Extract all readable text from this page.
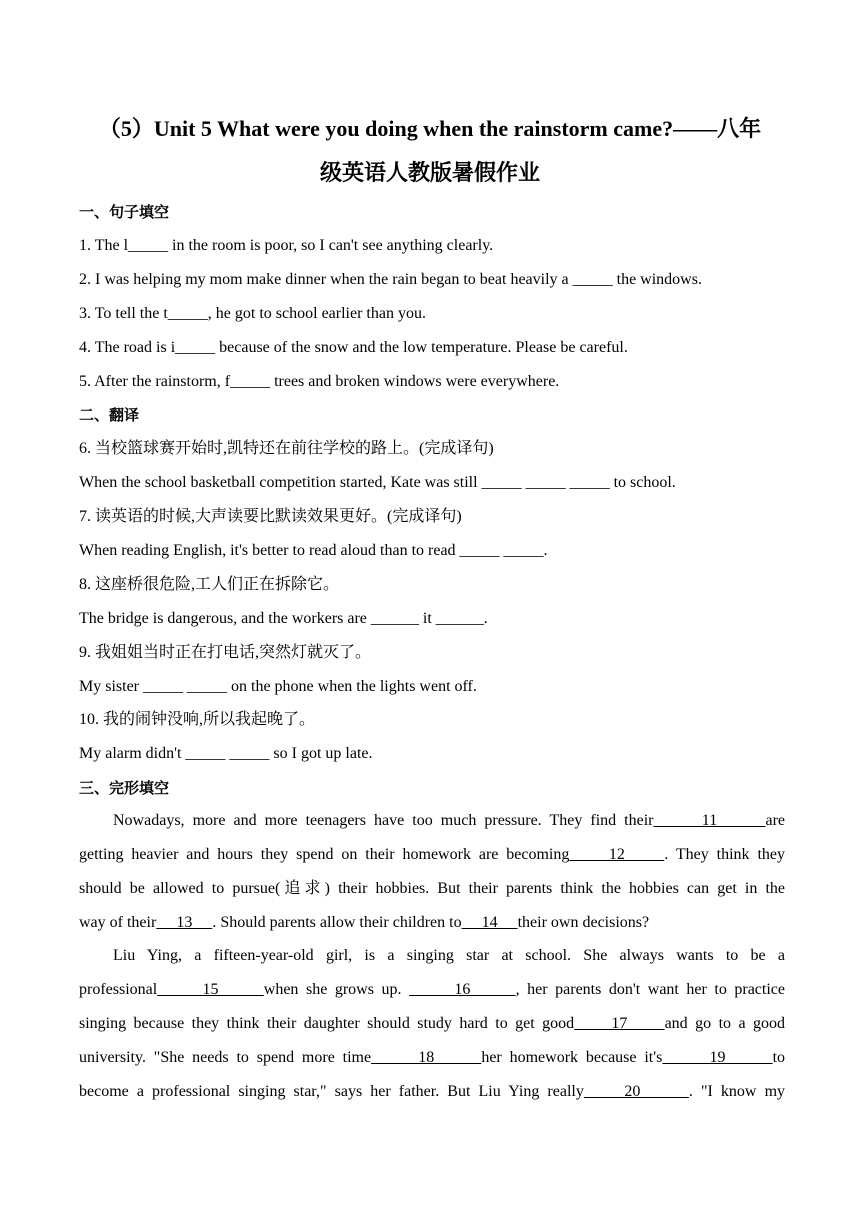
（5）Unit 5 What were you doing when the rainstorm came?——八年
级英语人教版暑假作业
一、句子填空
1. The l_____ in the room is poor, so I can't see anything clearly.
2. I was helping my mom make dinner when the rain began to beat heavily a _____ the windows.
3. To tell the t_____, he got to school earlier than you.
4. The road is i_____ because of the snow and the low temperature. Please be careful.
5. After the rainstorm, f_____ trees and broken windows were everywhere.
二、翻译
6. 当校篮球赛开始时,凯特还在前往学校的路上。(完成译句)
When the school basketball competition started, Kate was still _____ _____ _____ to school.
7. 读英语的时候,大声读要比默读效果更好。(完成译句)
When reading English, it's better to read aloud than to read _____ _____.
8. 这座桥很危险,工人们正在拆除它。
The bridge is dangerous, and the workers are ______ it ______.
9. 我姐姐当时正在打电话,突然灯就灭了。
My sister _____ _____ on the phone when the lights went off.
10. 我的闹钟没响,所以我起晚了。
My alarm didn't _____ _____ so I got up late.
三、完形填空
Nowadays, more and more teenagers have too much pressure. They find their      11      are
getting heavier and hours they spend on their homework are becoming     12     . They think they
should be allowed to pursue(追求) their hobbies. But their parents think the hobbies can get in the
way of their     13     . Should parents allow their children to     14     their own decisions?
Liu Ying, a fifteen-year-old girl, is a singing star at school. She always wants to be a
professional      15      when she grows up.       16      , her parents don't want her to practice
singing because they think their daughter should study hard to get good     17     and go to a good
university. "She needs to spend more time      18      her homework because it's      19      to
become a professional singing star," says her father. But Liu Ying really     20      . "I know my
